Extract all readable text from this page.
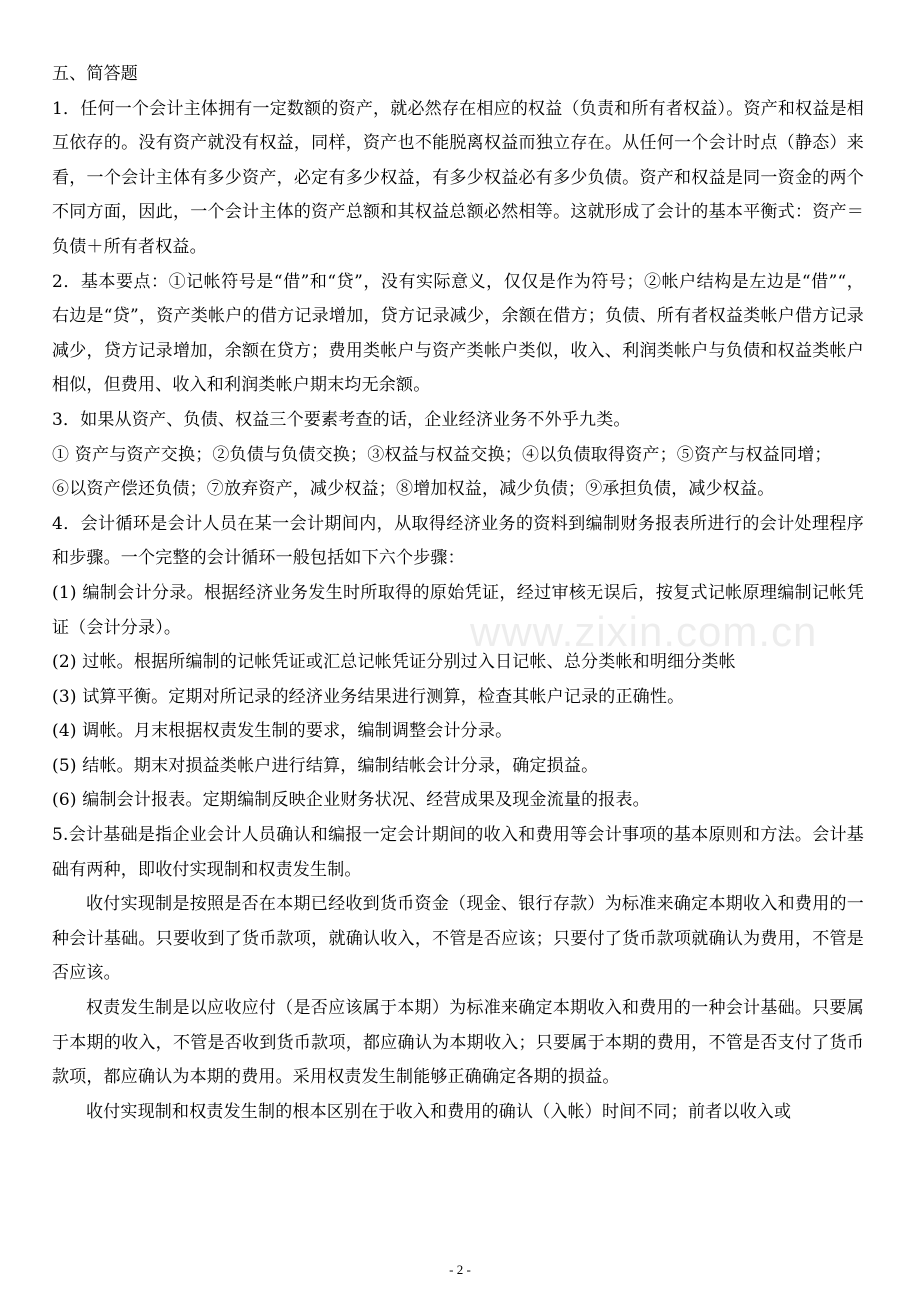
五、简答题

1．任何一个会计主体拥有一定数额的资产，就必然存在相应的权益（负责和所有者权益）。资产和权益是相互依存的。没有资产就没有权益，同样，资产也不能脱离权益而独立存在。从任何一个会计时点（静态）来看，一个会计主体有多少资产，必定有多少权益，有多少权益必有多少负债。资产和权益是同一资金的两个不同方面，因此，一个会计主体的资产总额和其权益总额必然相等。这就形成了会计的基本平衡式：资产＝负债＋所有者权益。

2．基本要点：①记帐符号是“借”和“贷”，没有实际意义，仅仅是作为符号；②帐户结构是左边是“借”“，右边是“贷”，资产类帐户的借方记录增加，贷方记录减少，余额在借方；负债、所有者权益类帐户借方记录减少，贷方记录增加，余额在贷方；费用类帐户与资产类帐户类似，收入、利润类帐户与负债和权益类帐户相似，但费用、收入和利润类帐户期末均无余额。

3．如果从资产、负债、权益三个要素考查的话，企业经济业务不外乎九类。

① 资产与资产交换；②负债与负债交换；③权益与权益交换；④以负债取得资产；⑤资产与权益同增；

⑥以资产偿还负债；⑦放弃资产，减少权益；⑧增加权益，减少负债；⑨承担负债，减少权益。

4．会计循环是会计人员在某一会计期间内，从取得经济业务的资料到编制财务报表所进行的会计处理程序和步骤。一个完整的会计循环一般包括如下六个步骤：

(1) 编制会计分录。根据经济业务发生时所取得的原始凭证，经过审核无误后，按复式记帐原理编制记帐凭证（会计分录）。

(2) 过帐。根据所编制的记帐凭证或汇总记帐凭证分别过入日记帐、总分类帐和明细分类帐

(3) 试算平衡。定期对所记录的经济业务结果进行测算，检查其帐户记录的正确性。

(4) 调帐。月末根据权责发生制的要求，编制调整会计分录。

(5) 结帐。期末对损益类帐户进行结算，编制结帐会计分录，确定损益。

(6) 编制会计报表。定期编制反映企业财务状况、经营成果及现金流量的报表。

5.会计基础是指企业会计人员确认和编报一定会计期间的收入和费用等会计事项的基本原则和方法。会计基础有两种，即收付实现制和权责发生制。

收付实现制是按照是否在本期已经收到货币资金（现金、银行存款）为标准来确定本期收入和费用的一种会计基础。只要收到了货币款项，就确认收入，不管是否应该；只要付了货币款项就确认为费用，不管是否应该。

权责发生制是以应收应付（是否应该属于本期）为标准来确定本期收入和费用的一种会计基础。只要属于本期的收入，不管是否收到货币款项，都应确认为本期收入；只要属于本期的费用，不管是否支付了货币款项，都应确认为本期的费用。采用权责发生制能够正确确定各期的损益。

收付实现制和权责发生制的根本区别在于收入和费用的确认（入帐）时间不同；前者以收入或

www.zixin.com.cn
- 2 -
